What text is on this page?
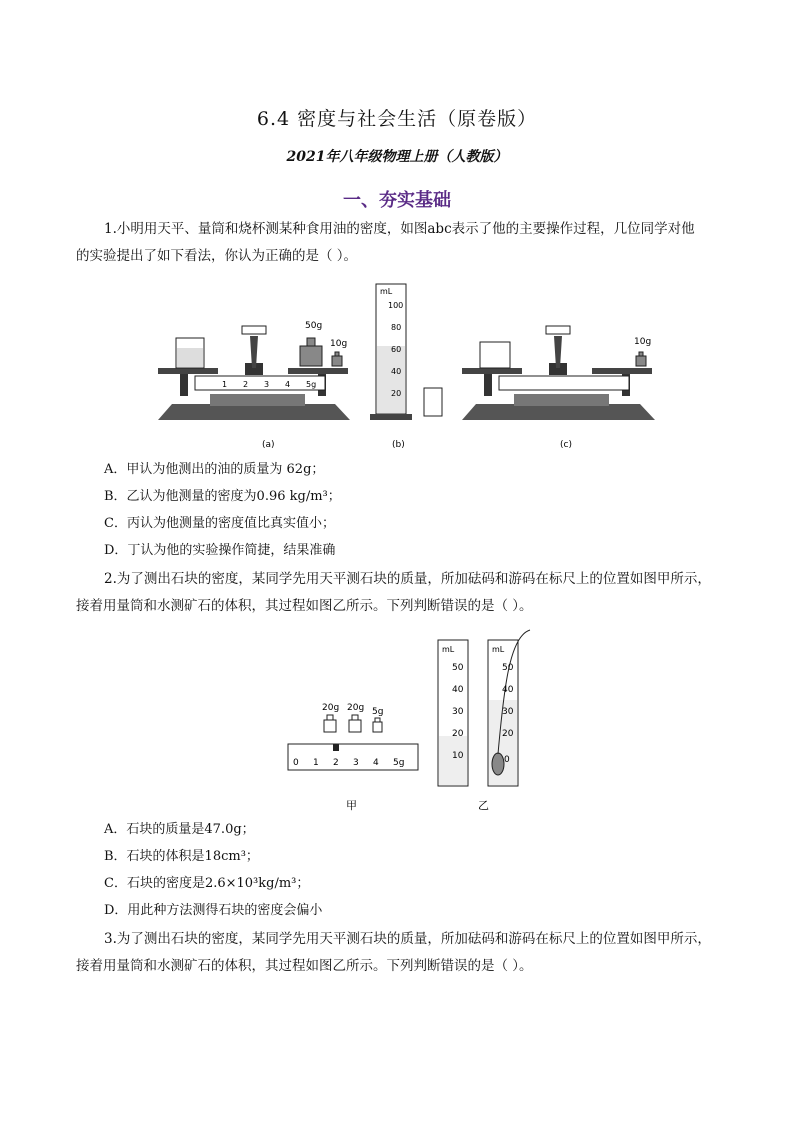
6.4 密度与社会生活（原卷版）
2021年八年级物理上册（人教版）
一、夯实基础
1.小明用天平、量筒和烧杯测某种食用油的密度，如图abc表示了他的主要操作过程，几位同学对他
的实验提出了如下看法，你认为正确的是（ ）。
50g
10g
1 2 3 4 5g
(a)
mL
100
80
60
40
20
(b)
10g
(c)
A．甲认为他测出的油的质量为 62g；
B．乙认为他测量的密度为0.96 kg/m³；
C．丙认为他测量的密度值比真实值小；
D．丁认为他的实验操作简捷，结果准确
2.为了测出石块的密度，某同学先用天平测石块的质量，所加砝码和游码在标尺上的位置如图甲所示，
接着用量筒和水测矿石的体积，其过程如图乙所示。下列判断错误的是（ ）。
20g 20g 5g
0 1 2 3 4 5g
甲
mL
50
40
30
20
10
mL
50
40
30
20
0
乙
A．石块的质量是47.0g；
B．石块的体积是18cm³；
C．石块的密度是2.6×10³kg/m³；
D．用此种方法测得石块的密度会偏小
3.为了测出石块的密度，某同学先用天平测石块的质量，所加砝码和游码在标尺上的位置如图甲所示，
接着用量筒和水测矿石的体积，其过程如图乙所示。下列判断错误的是（ ）。
